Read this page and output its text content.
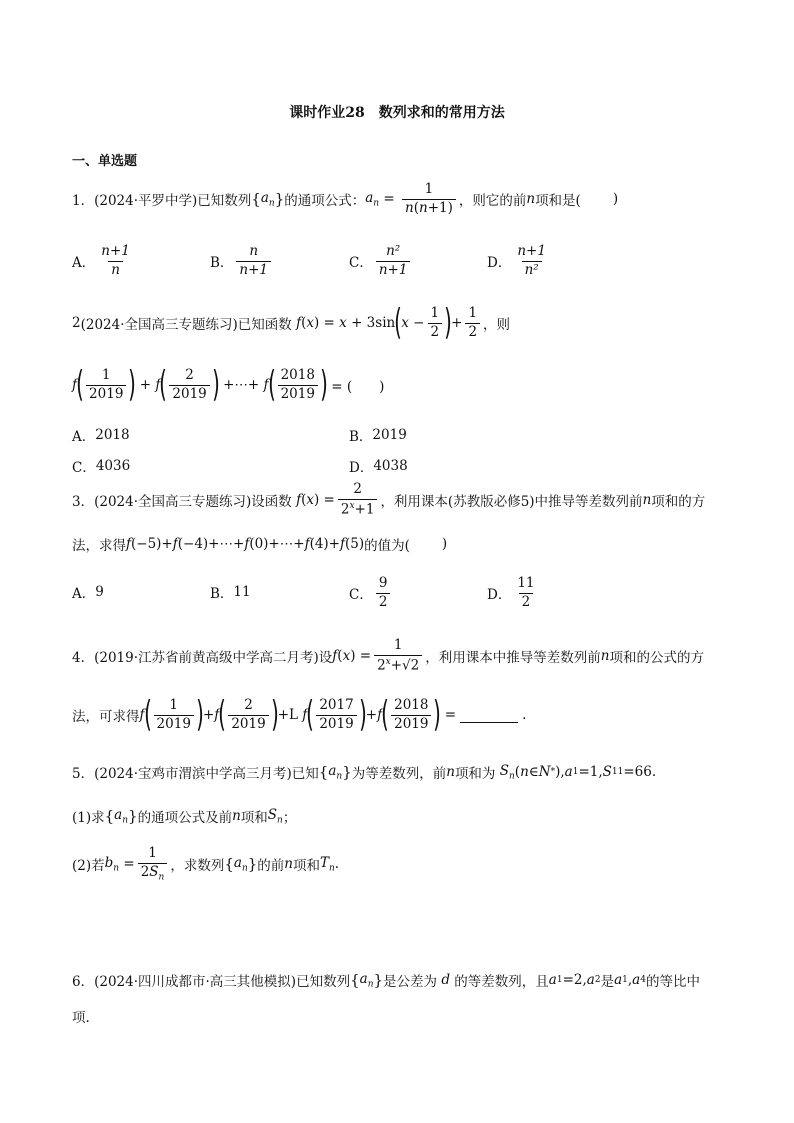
课时作业28　数列求和的常用方法
一、单选题
1． (2024·平罗中学) 已知数列 { $a_n$ } 的通项公式： $a_n = \frac{1}{n(n+1)}$ ，则它的前 n 项和是( )
A． $\frac{n+1}{n}$	B． $\frac{n}{n+1}$	C． $\frac{\text{n²}}{n+1}$	D． $\frac{n+1}{\text{n²}}$
2 (2024·全国高三专题练习) 已知函数 f ( x ) = x + 3sin ( $x - \frac{1}{2}$ ) + $\frac{1}{2}$ ，则
f ( $\frac{1}{2019}$ ) + f ( $\frac{2}{2019}$ ) +⋯+ f ( $\frac{2018}{2019}$ )
= (　　)
A． 2018	B． 2019
C． 4036	D． 4038
3． (2024·全国高三专题练习) 设函数 f ( x ) = $\frac{2}{2^x+1}$ ，利用课本(苏教版必修5)中推导等差数列前 n 项和的方
法，求得 f (−5)+ f (−4)+⋯+ f (0)+⋯+ f (4)+ f (5) 的值为( )
A． 9	B． 11	C． $\frac{9}{2}$	D． $\frac{11}{2}$
4． (2019·江苏省前黄高级中学高二月考) 设 f ( x ) = $\frac{1}{2^x+√2}$ ，利用课本中推导等差数列前 n 项和的公式的方
法，可求得 f ( $\frac{1}{2019}$ ) + f ( $\frac{2}{2019}$ ) +L
f ( $\frac{2017}{2019}$ ) + f ( $\frac{2018}{2019}$ ) =	.
5． (2024·宝鸡市渭滨中学高三月考) 已知 { $a_n$ } 为等差数列，前 n 项和为 $S_n$ ( n ∈ N * ) , a 1 =1, S 11 =66.
(1)求 { $a_n$ } 的通项公式及前 n 项和 $S_n$ ；
(2)若 $b_n = \frac{1}{2S_n}$ ，求数列 { $a_n$ } 的前 n 项和 $T_n$ .
6． (2024·四川成都市·高三其他模拟) 已知数列 { $a_n$ } 是公差为 d 的等差数列，且 a 1 =2, a 2 是 a 1 , a 4 的等比中
项.
